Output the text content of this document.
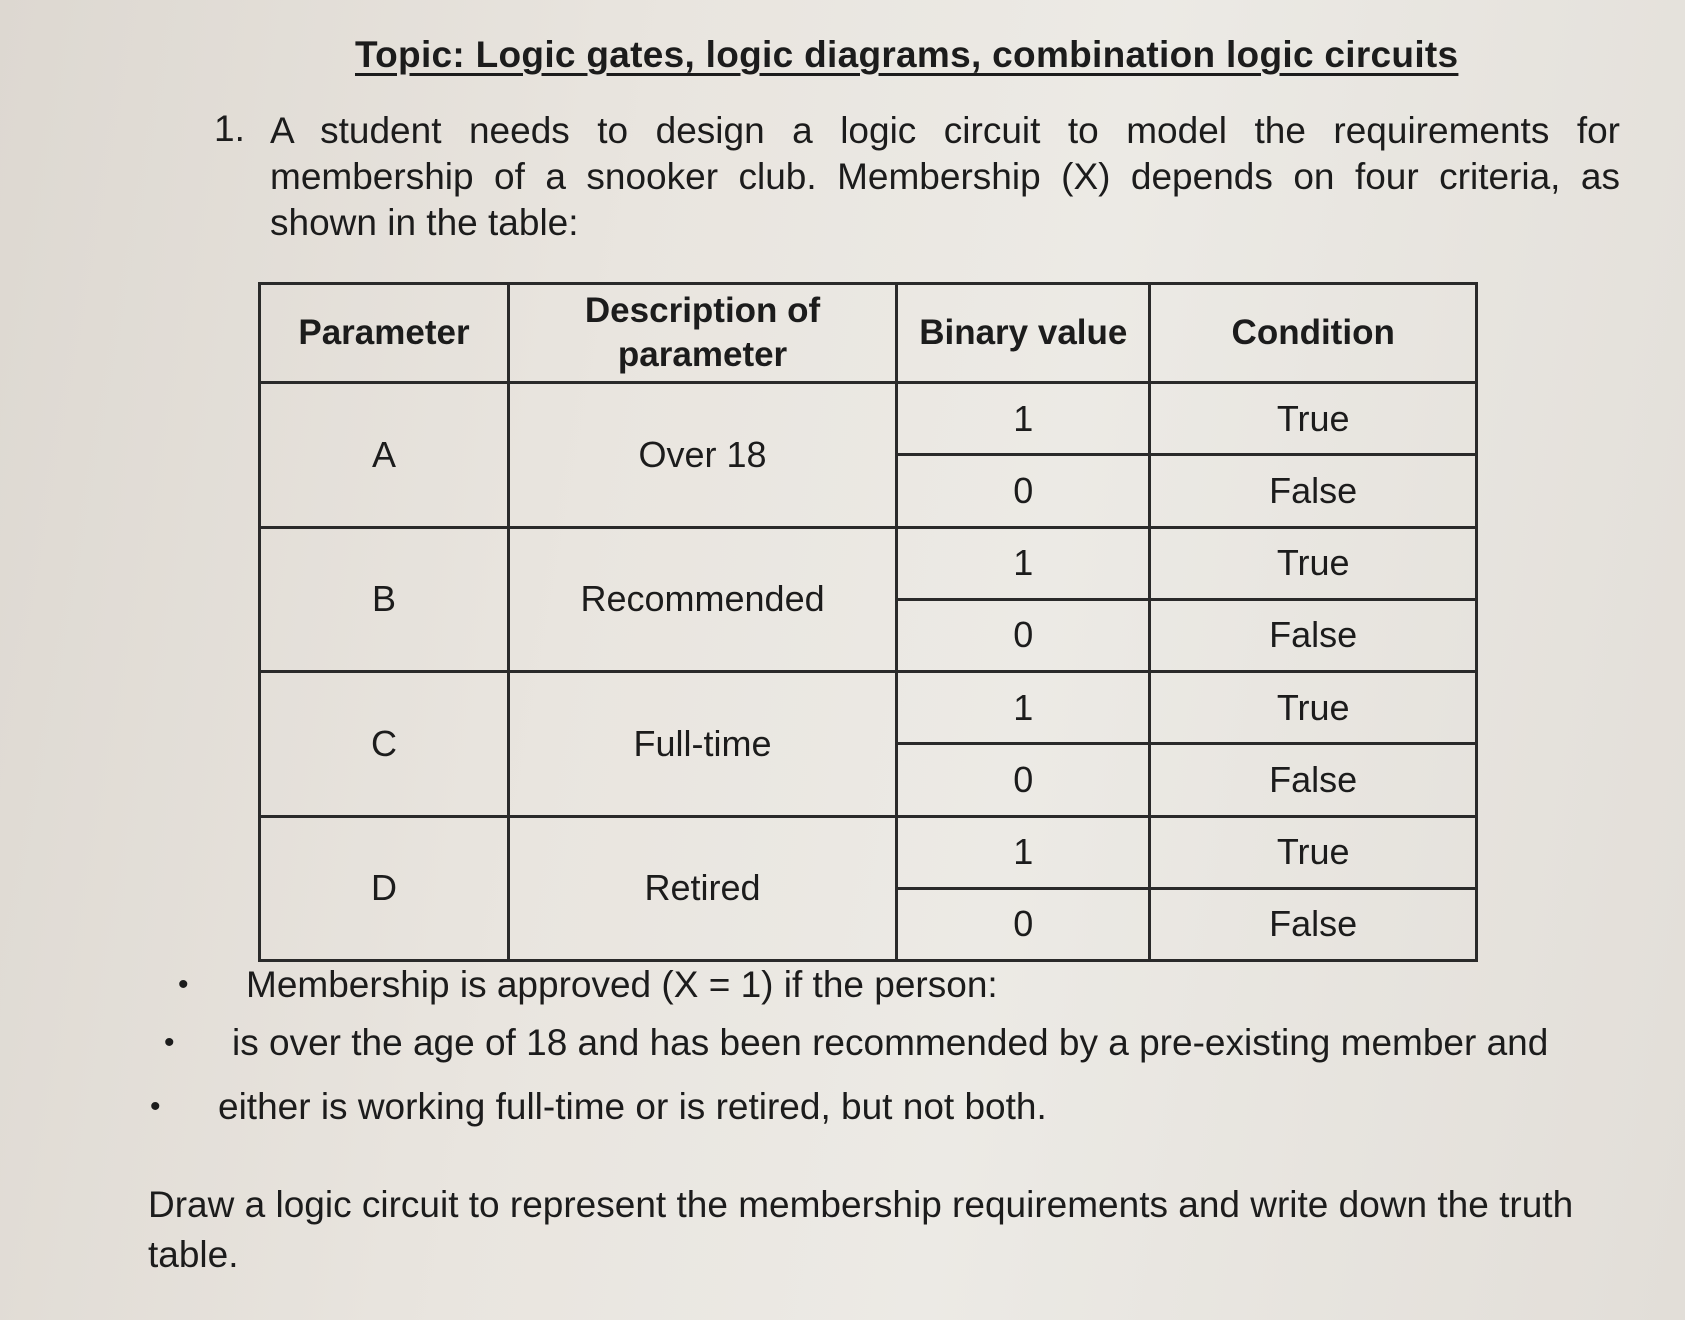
Topic: Logic gates, logic diagrams, combination logic circuits
1. A student needs to design a logic circuit to model the requirements for membership of a snooker club. Membership (X) depends on four criteria, as shown in the table:
Parameter	Description of parameter	Binary value	Condition
A	Over 18	1	True
		0	False
B	Recommended	1	True
		0	False
C	Full-time	1	True
		0	False
D	Retired	1	True
		0	False
•	Membership is approved (X = 1) if the person:
•	is over the age of 18 and has been recommended by a pre-existing member and
•	either is working full-time or is retired, but not both.
Draw a logic circuit to represent the membership requirements and write down the truth table.
